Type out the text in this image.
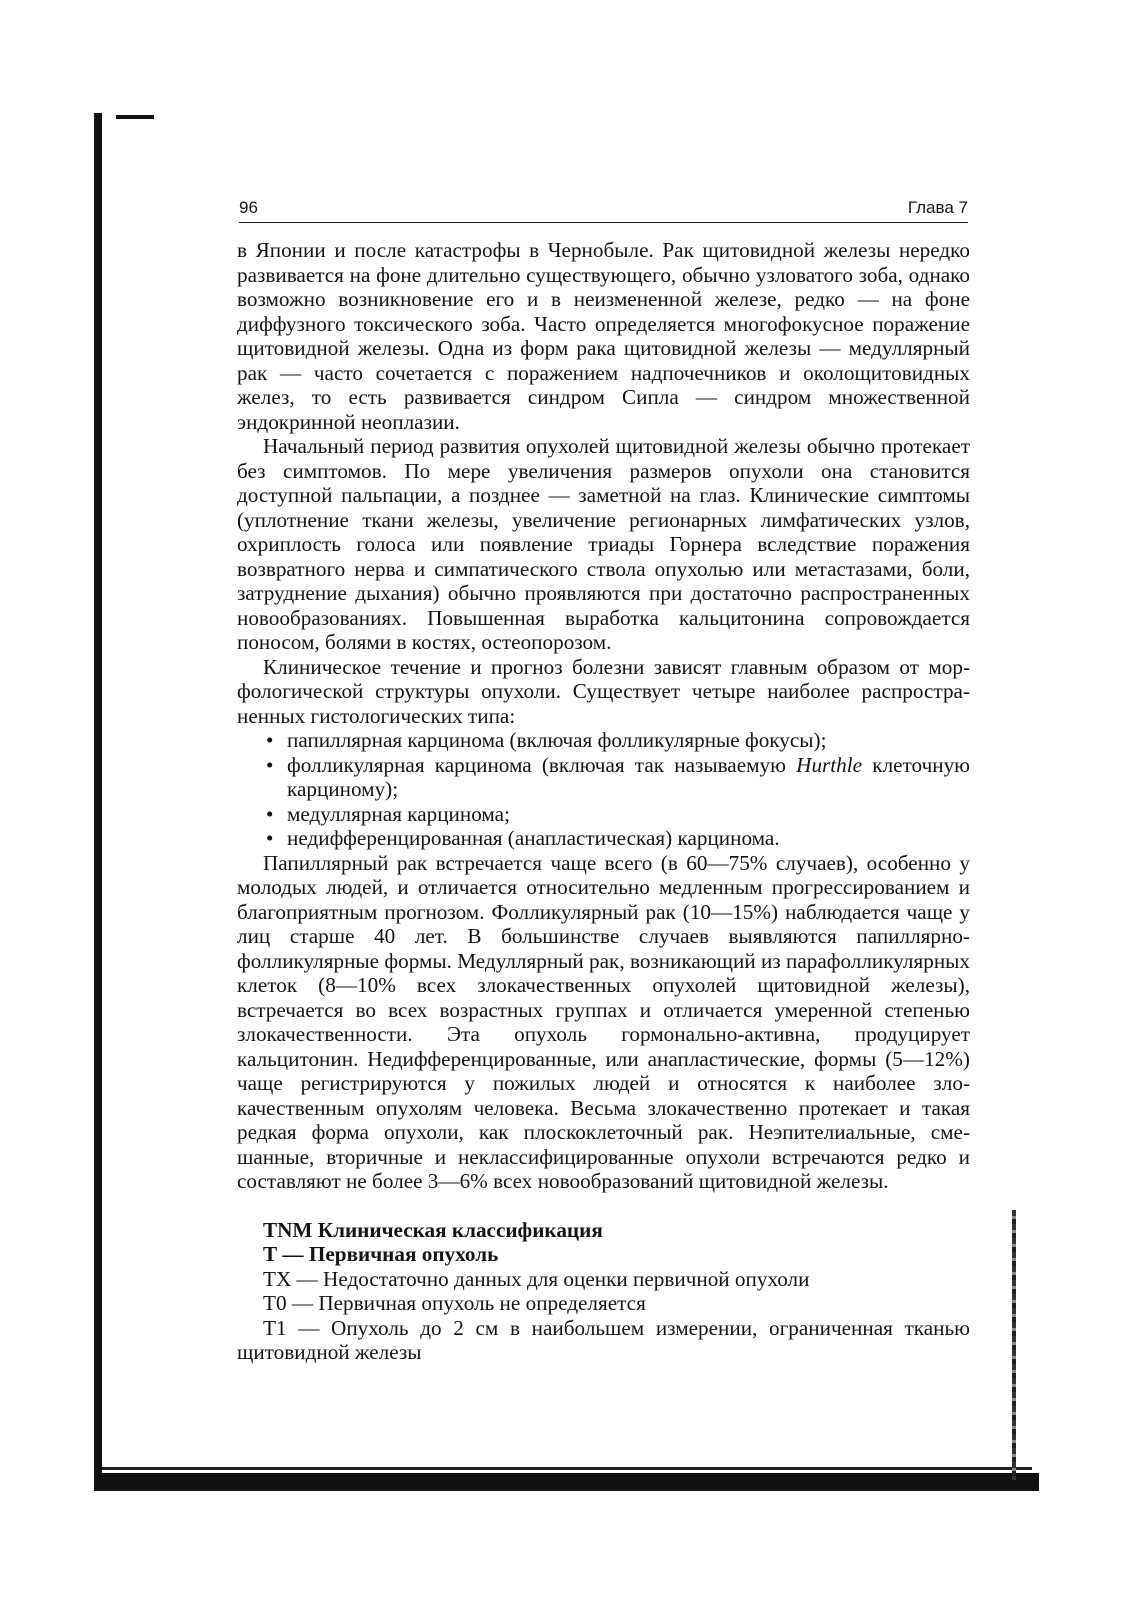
96	Глава 7

в Японии и после катастрофы в Чернобыле. Рак щитовидной железы нередко развивается на фоне длительно существующего, обычно узловатого зоба, однако возможно возникновение его и в неизмененной железе, редко — на фоне диффузного токсического зоба. Часто определяется многофокусное поражение щитовидной железы. Одна из форм рака щитовидной железы — медуллярный рак — часто сочетается с поражением надпочечников и околощитовидных желез, то есть развивается синдром Сипла — синдром множественной эндокринной неоплазии.

Начальный период развития опухолей щитовидной железы обычно протекает без симптомов. По мере увеличения размеров опухоли она становится доступной пальпации, а позднее — заметной на глаз. Клинические симптомы (уплотнение ткани железы, увеличение регионарных лимфатических узлов, охриплость голоса или появление триады Горнера вследствие поражения возвратного нерва и симпатического ствола опухолью или метастазами, боли, затруднение дыхания) обычно проявляются при достаточно распространенных новообразованиях. Повышенная выработка кальцитонина сопровождается поносом, болями в костях, остеопорозом.

Клиническое течение и прогноз болезни зависят главным образом от морфологической структуры опухоли. Существует четыре наиболее распространенных гистологических типа:

• папиллярная карцинома (включая фолликулярные фокусы);
• фолликулярная карцинома (включая так называемую Hurthle клеточную карциному);
• медуллярная карцинома;
• недифференцированная (анапластическая) карцинома.

Папиллярный рак встречается чаще всего (в 60—75% случаев), особенно у молодых людей, и отличается относительно медленным прогрессированием и благоприятным прогнозом. Фолликулярный рак (10—15%) наблюдается чаще у лиц старше 40 лет. В большинстве случаев выявляются папиллярно-фолликулярные формы. Медуллярный рак, возникающий из парафолликулярных клеток (8—10% всех злокачественных опухолей щитовидной железы), встречается во всех возрастных группах и отличается умеренной степенью злокачественности. Эта опухоль гормонально-активна, продуцирует кальцитонин. Недифференцированные, или анапластические, формы (5—12%) чаще регистрируются у пожилых людей и относятся к наиболее злокачественным опухолям человека. Весьма злокачественно протекает и такая редкая форма опухоли, как плоскоклеточный рак. Неэпителиальные, смешанные, вторичные и неклассифицированные опухоли встречаются редко и составляют не более 3—6% всех новообразований щитовидной железы.

TNM Клиническая классификация
Т — Первичная опухоль
ТХ — Недостаточно данных для оценки первичной опухоли
Т0 — Первичная опухоль не определяется
Т1 — Опухоль до 2 см в наибольшем измерении, ограниченная тканью щитовидной железы
